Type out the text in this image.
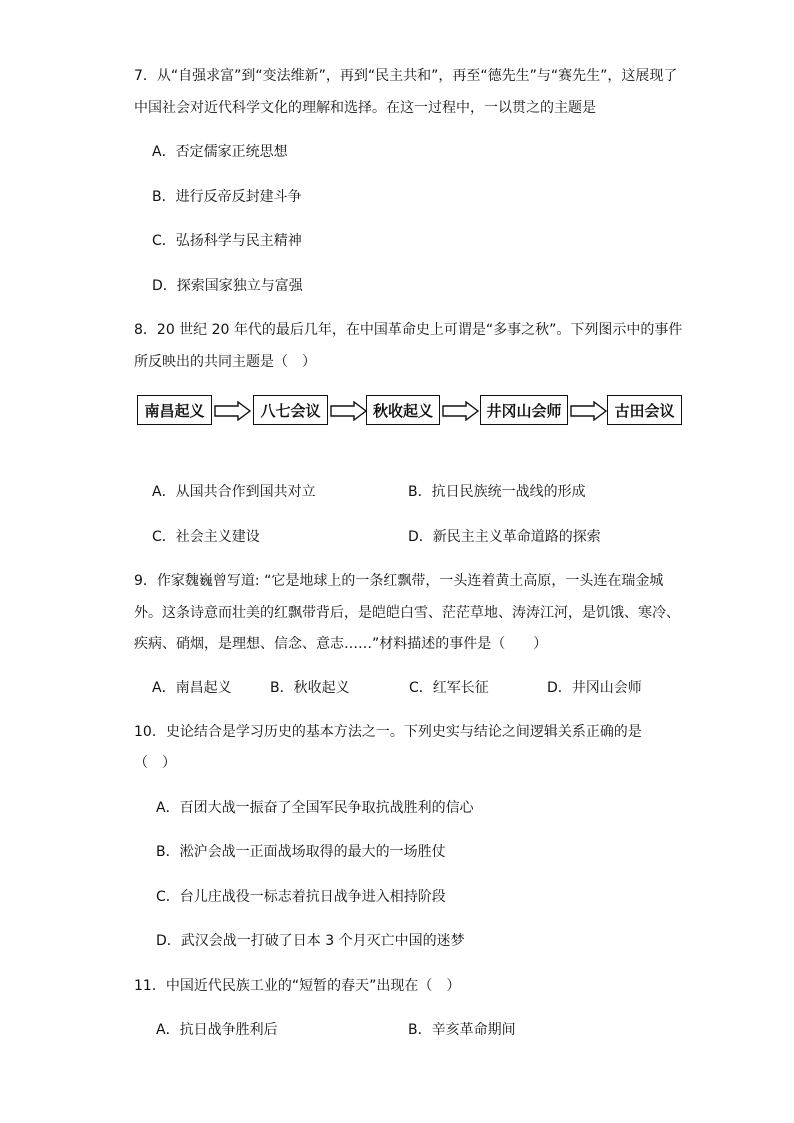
7．从“自强求富”到“变法维新”，再到“民主共和”，再至“德先生”与“赛先生”，这展现了
中国社会对近代科学文化的理解和选择。在这一过程中，一以贯之的主题是
A．否定儒家正统思想
B．进行反帝反封建斗争
C．弘扬科学与民主精神
D．探索国家独立与富强
8．20 世纪 20 年代的最后几年，在中国革命史上可谓是“多事之秋”。下列图示中的事件
所反映出的共同主题是（　）
南昌起义	八七会议	秋收起义	井冈山会师	古田会议
A．从国共合作到国共对立	B．抗日民族统一战线的形成
C．社会主义建设	D．新民主主义革命道路的探索
9．作家魏巍曾写道: “它是地球上的一条红飘带，一头连着黄土高原，一头连在瑞金城
外。这条诗意而壮美的红飘带背后，是皑皑白雪、茫茫草地、涛涛江河，是饥饿、寒冷、
疾病、硝烟，是理想、信念、意志……”材料描述的事件是（　　）
A．南昌起义	B．秋收起义	C．红军长征	D．井冈山会师
10．史论结合是学习历史的基本方法之一。下列史实与结论之间逻辑关系正确的是
（　）
A．百团大战一振奋了全国军民争取抗战胜利的信心
B．淞沪会战一正面战场取得的最大的一场胜仗
C．台儿庄战役一标志着抗日战争进入相持阶段
D．武汉会战一打破了日本 3 个月灭亡中国的迷梦
11．中国近代民族工业的“短暂的春天”出现在（　）
A．抗日战争胜利后	B．辛亥革命期间
